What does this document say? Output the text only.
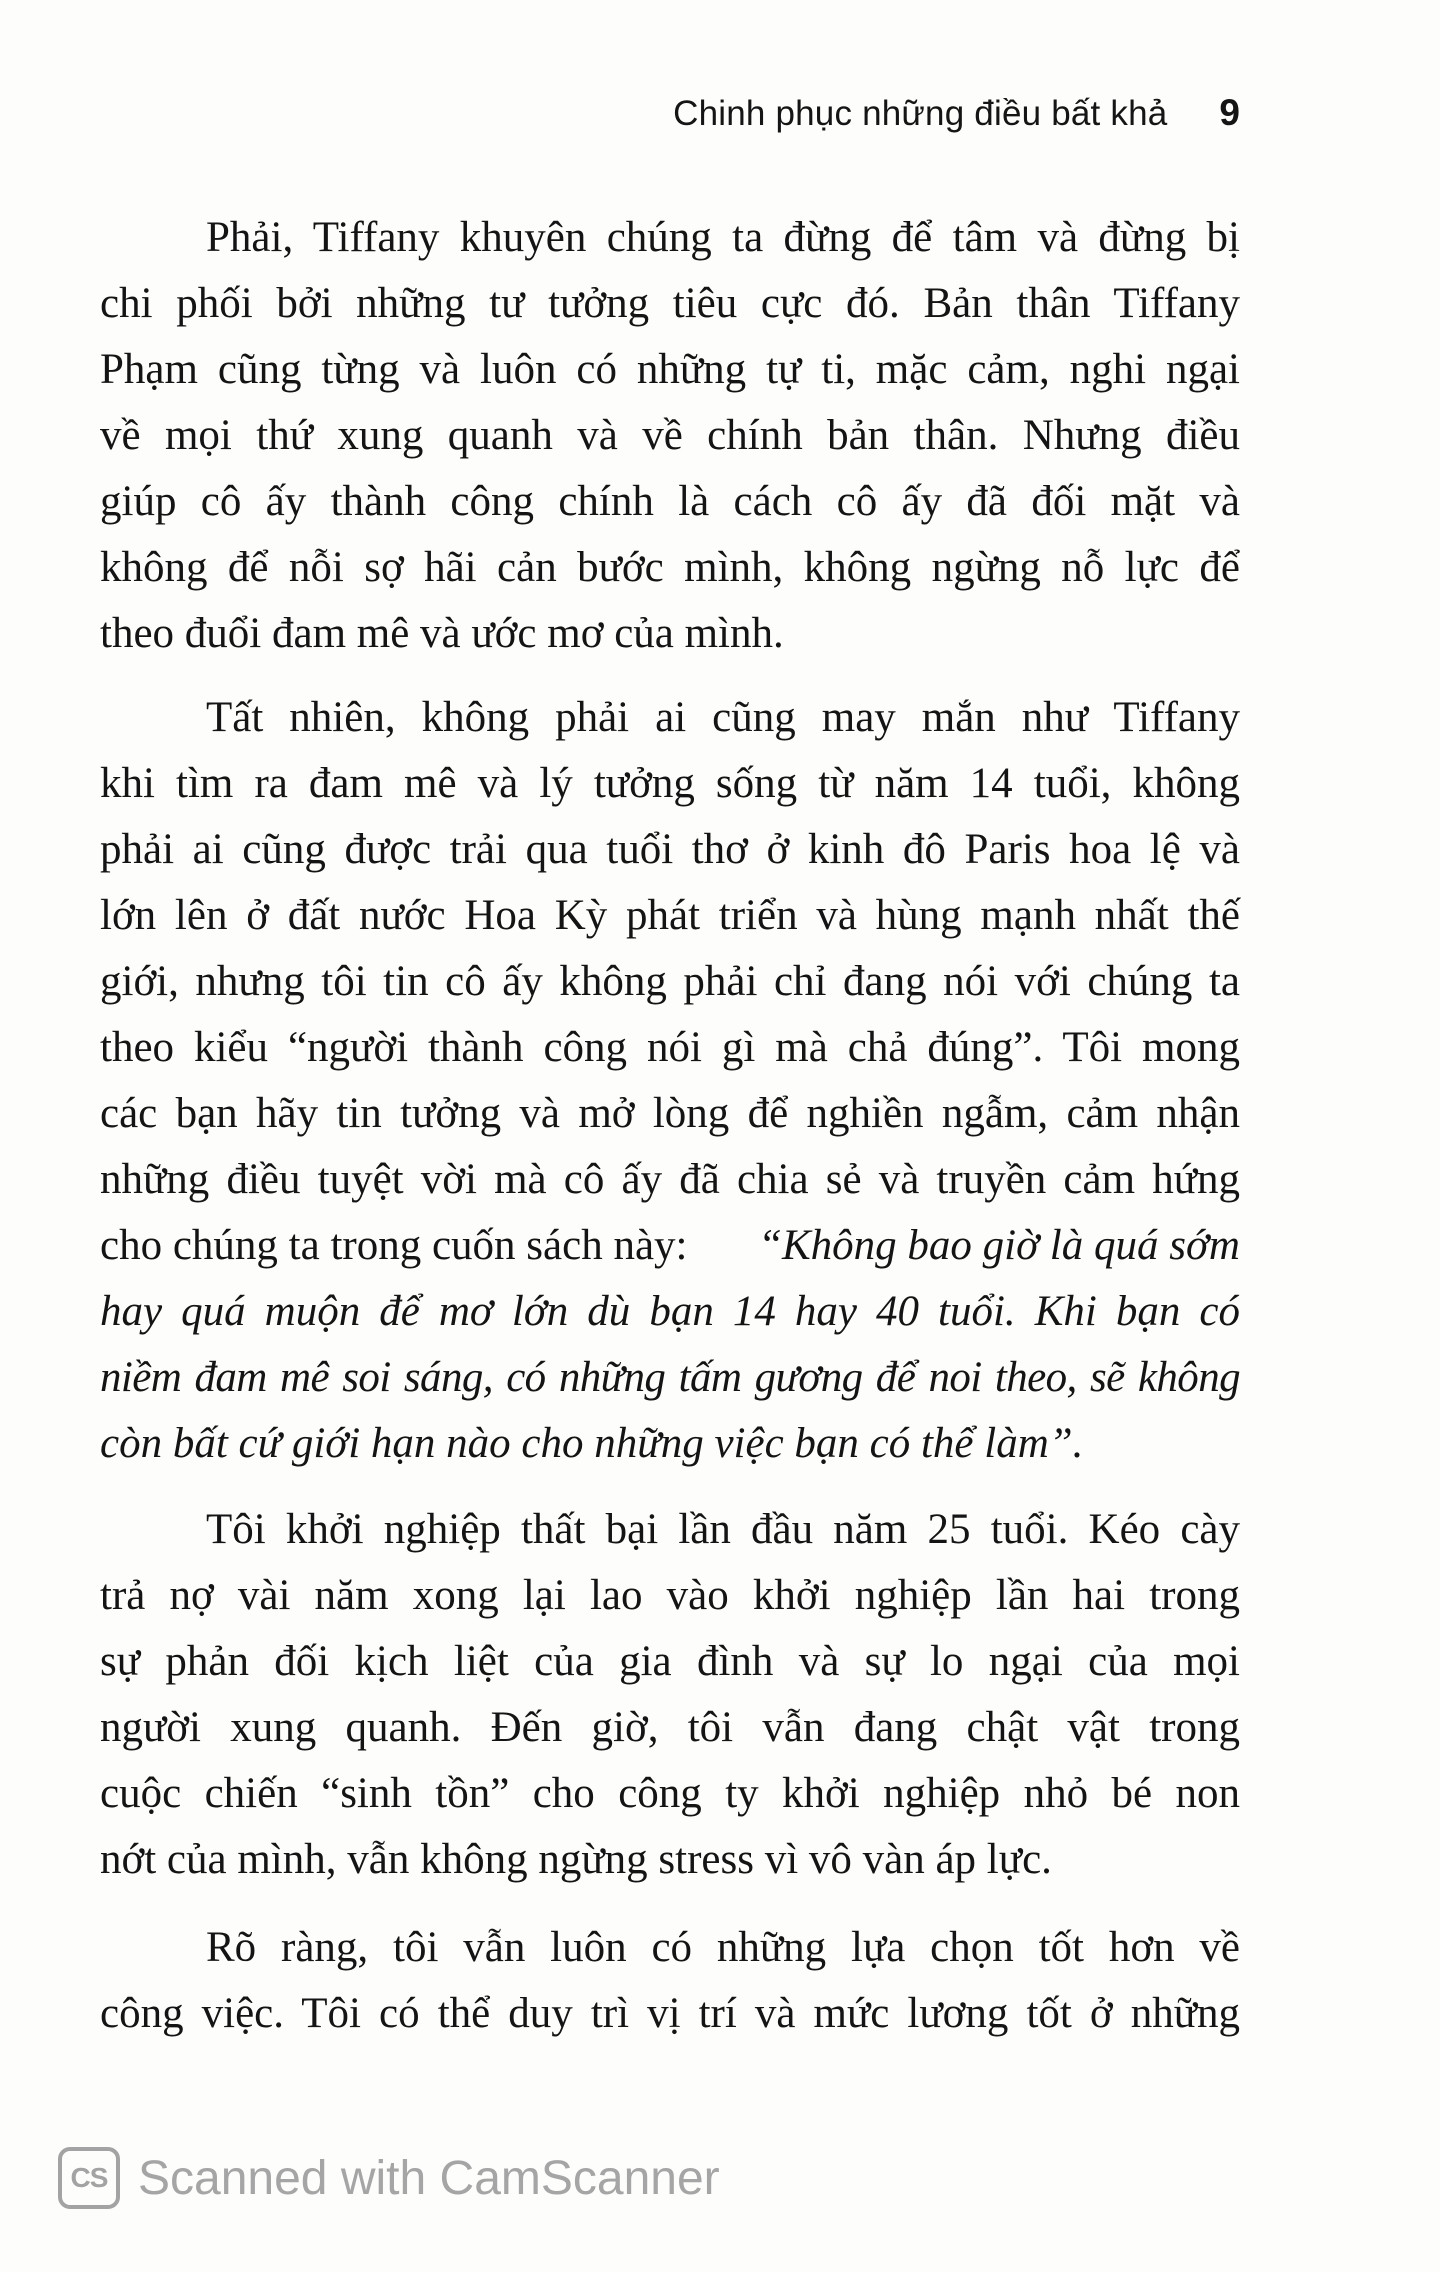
Chinh phục những điều bất khả 9
Phải, Tiffany khuyên chúng ta đừng để tâm và đừng bị
chi phối bởi những tư tưởng tiêu cực đó. Bản thân Tiffany
Phạm cũng từng và luôn có những tự ti, mặc cảm, nghi ngại
về mọi thứ xung quanh và về chính bản thân. Nhưng điều
giúp cô ấy thành công chính là cách cô ấy đã đối mặt và
không để nỗi sợ hãi cản bước mình, không ngừng nỗ lực để
theo đuổi đam mê và ước mơ của mình.
Tất nhiên, không phải ai cũng may mắn như Tiffany
khi tìm ra đam mê và lý tưởng sống từ năm 14 tuổi, không
phải ai cũng được trải qua tuổi thơ ở kinh đô Paris hoa lệ và
lớn lên ở đất nước Hoa Kỳ phát triển và hùng mạnh nhất thế
giới, nhưng tôi tin cô ấy không phải chỉ đang nói với chúng ta
theo kiểu “người thành công nói gì mà chả đúng”. Tôi mong
các bạn hãy tin tưởng và mở lòng để nghiền ngẫm, cảm nhận
những điều tuyệt vời mà cô ấy đã chia sẻ và truyền cảm hứng
cho chúng ta trong cuốn sách này: “Không bao giờ là quá sớm
hay quá muộn để mơ lớn dù bạn 14 hay 40 tuổi. Khi bạn có
niềm đam mê soi sáng, có những tấm gương để noi theo, sẽ không
còn bất cứ giới hạn nào cho những việc bạn có thể làm”.
Tôi khởi nghiệp thất bại lần đầu năm 25 tuổi. Kéo cày
trả nợ vài năm xong lại lao vào khởi nghiệp lần hai trong
sự phản đối kịch liệt của gia đình và sự lo ngại của mọi
người xung quanh. Đến giờ, tôi vẫn đang chật vật trong
cuộc chiến “sinh tồn” cho công ty khởi nghiệp nhỏ bé non
nớt của mình, vẫn không ngừng stress vì vô vàn áp lực.
Rõ ràng, tôi vẫn luôn có những lựa chọn tốt hơn về
công việc. Tôi có thể duy trì vị trí và mức lương tốt ở những
CS Scanned with CamScanner
